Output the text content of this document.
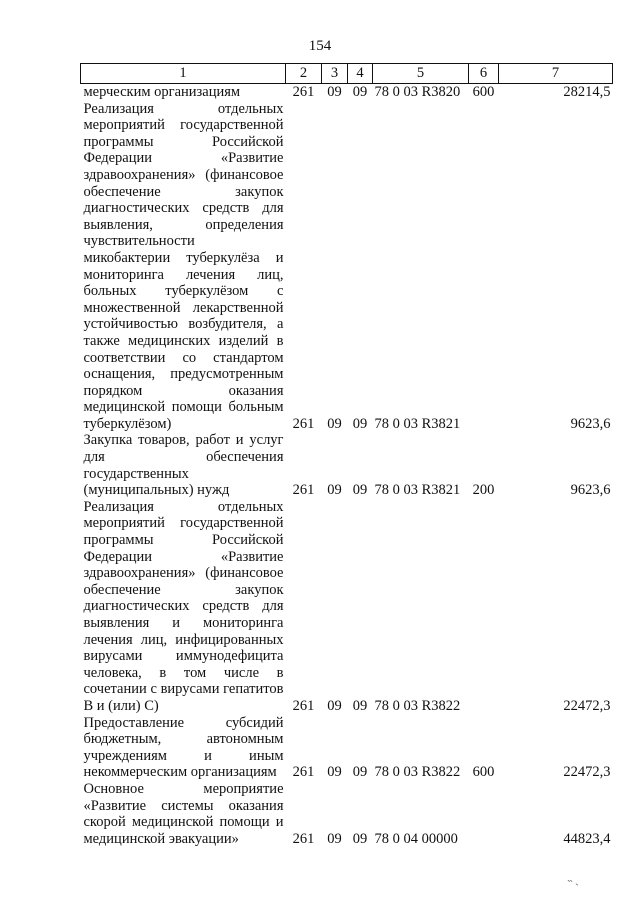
154
1	2	3	4	5	6	7
мерческим организациям	261	09	09	78 0 03 R3820	600	28214,5
Реализация отдельных мероприятий государственной программы Российской Федерации «Развитие здравоохранения» (финансовое обеспечение закупок диагностических средств для выявления, определения чувствительности микобактерии туберкулёза и мониторинга лечения лиц, больных туберкулёзом с множественной лекарственной устойчивостью возбудителя, а также медицинских изделий в соответствии со стандартом оснащения, предусмотренным порядком оказания медицинской помощи больным туберкулёзом)	261	09	09	78 0 03 R3821		9623,6
Закупка товаров, работ и услуг для обеспечения государственных (муниципальных) нужд	261	09	09	78 0 03 R3821	200	9623,6
Реализация отдельных мероприятий государственной программы Российской Федерации «Развитие здравоохранения» (финансовое обеспечение закупок диагностических средств для выявления и мониторинга лечения лиц, инфицированных вирусами иммунодефицита человека, в том числе в сочетании с вирусами гепатитов B и (или) C)	261	09	09	78 0 03 R3822		22472,3
Предоставление субсидий бюджетным, автономным учреждениям и иным некоммерческим организациям	261	09	09	78 0 03 R3822	600	22472,3
Основное мероприятие «Развитие системы оказания скорой медицинской помощи и медицинской эвакуации»	261	09	09	78 0 04 00000		44823,4
˵ ˏ
